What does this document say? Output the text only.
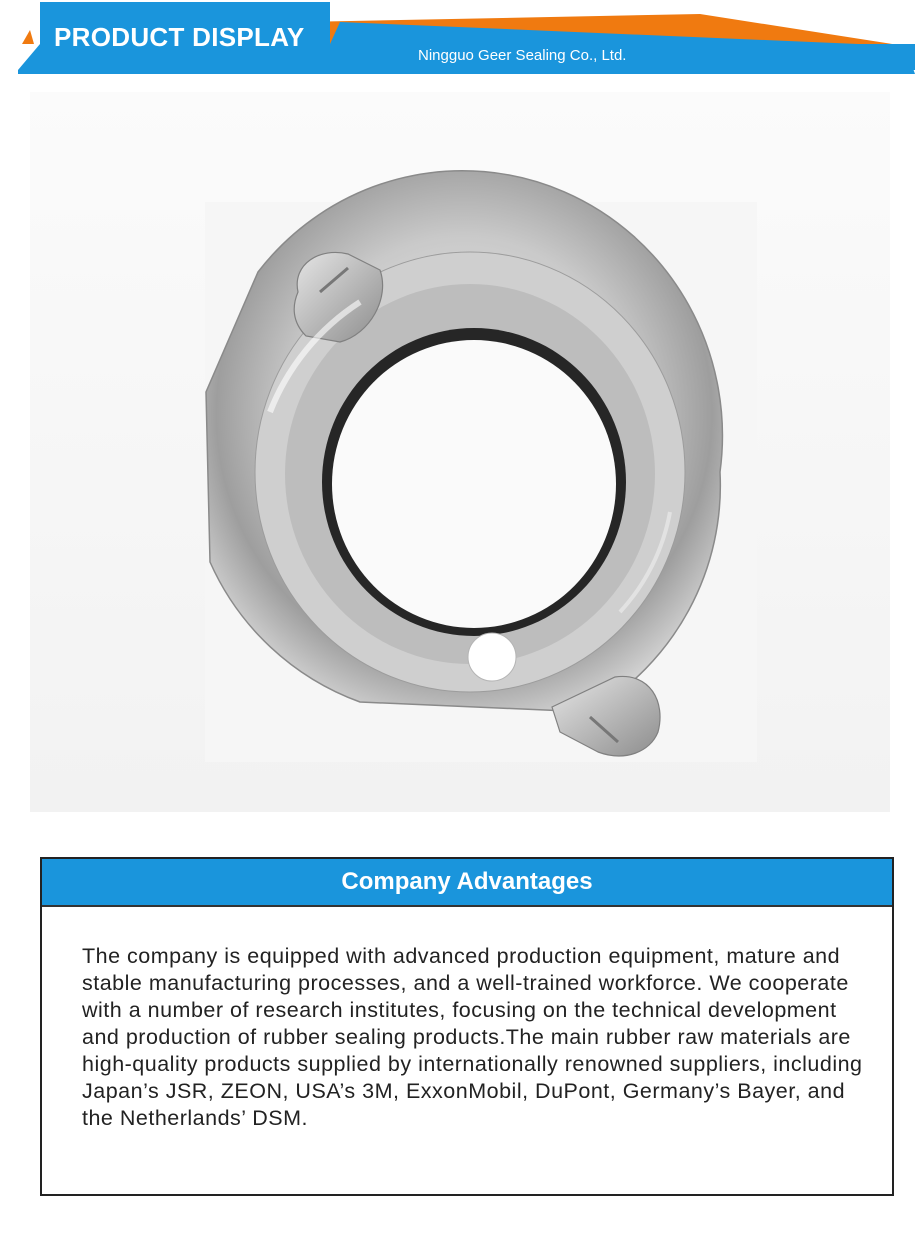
PRODUCT DISPLAY
Ningguo Geer Sealing Co., Ltd.
Company Advantages

The company is equipped with advanced production equipment, mature and stable manufacturing processes, and a well-trained workforce. We cooperate with a number of research institutes, focusing on the technical development and production of rubber sealing products.The main rubber raw materials are high-quality products supplied by internationally renowned suppliers, including Japan’s JSR, ZEON, USA’s 3M, ExxonMobil, DuPont, Germany’s Bayer, and the Netherlands’ DSM.
